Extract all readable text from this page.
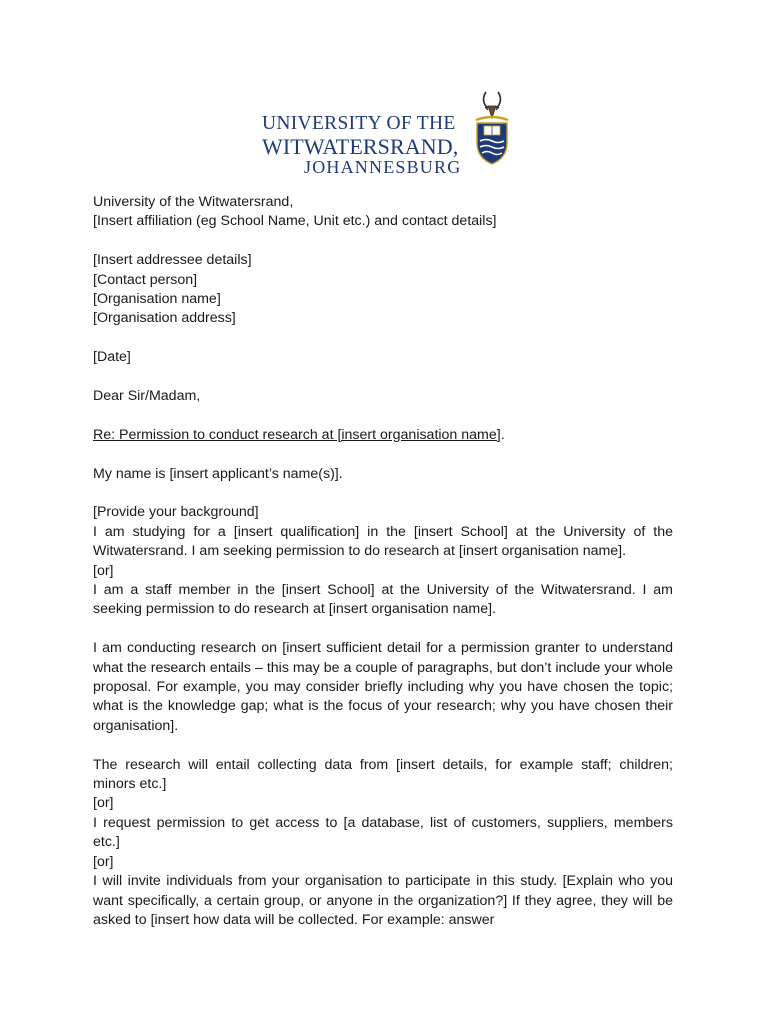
UNIVERSITY OF THE
WITWATERSRAND,
JOHANNESBURG

University of the Witwatersrand,

[Insert affiliation (eg School Name, Unit etc.) and contact details]

[Insert addressee details]

[Contact person]

[Organisation name]

[Organisation address]

[Date]

Dear Sir/Madam,

Re: Permission to conduct research at [insert organisation name].

My name is [insert applicant’s name(s)].

[Provide your background]

I am studying for a [insert qualification] in the [insert School] at the University of the Witwatersrand. I am seeking permission to do research at [insert organisation name].

[or]

I am a staff member in the [insert School] at the University of the Witwatersrand. I am seeking permission to do research at [insert organisation name].

I am conducting research on [insert sufficient detail for a permission granter to understand what the research entails – this may be a couple of paragraphs, but don’t include your whole proposal. For example, you may consider briefly including why you have chosen the topic; what is the knowledge gap; what is the focus of your research; why you have chosen their organisation].

The research will entail collecting data from [insert details, for example staff; children; minors etc.]

[or]

I request permission to get access to [a database, list of customers, suppliers, members etc.]

[or]

I will invite individuals from your organisation to participate in this study. [Explain who you want specifically, a certain group, or anyone in the organization?] If they agree, they will be asked to [insert how data will be collected. For example: answer
